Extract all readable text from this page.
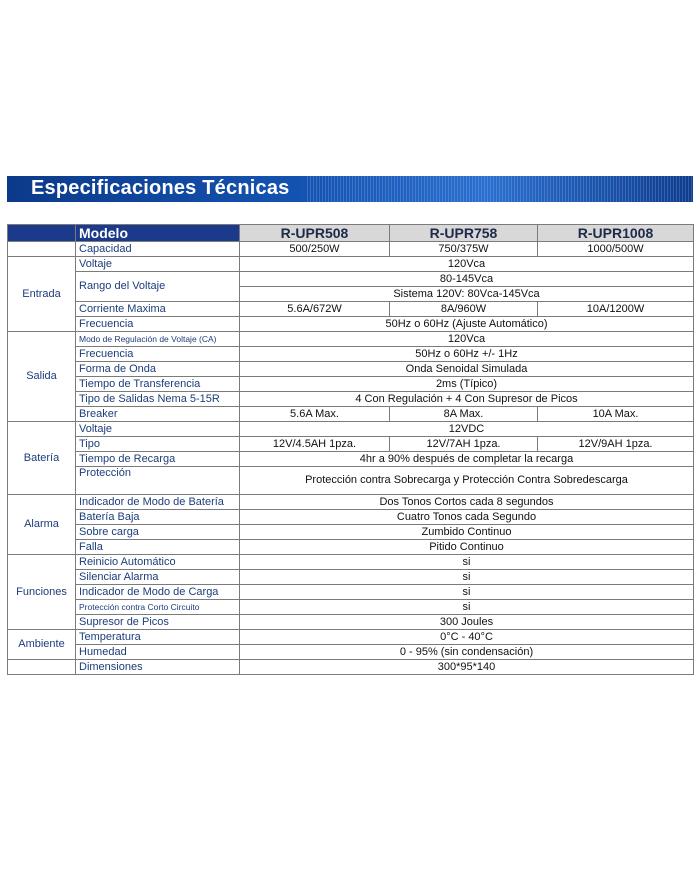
Especificaciones Técnicas
	Modelo	R-UPR508	R-UPR758	R-UPR1008
	Capacidad	500/250W	750/375W	1000/500W
Entrada	Voltaje	120Vca		
	Rango del Voltaje	80-145Vca		
		Sistema 120V: 80Vca-145Vca		
	Corriente Maxima	5.6A/672W	8A/960W	10A/1200W

	Frecuencia	50Hz o 60Hz (Ajuste Automático)		
Salida	Modo de Regulación de Voltaje (CA)	120Vca		
	Frecuencia	50Hz o 60Hz +/- 1Hz		
	Forma de Onda	Onda Senoidal Simulada		
	Tiempo de Transferencia	2ms (Típico)		
	Tipo de Salidas Nema 5-15R	4 Con Regulación + 4 Con Supresor de Picos		
	Breaker	5.6A Max.	8A Max.	10A Max.
Batería	Voltaje	12VDC		
	Tipo	12V/4.5AH 1pza.	12V/7AH 1pza.	12V/9AH 1pza.
	Tiempo de Recarga	4hr a 90% después de completar la recarga		
	Protección	Protección contra Sobrecarga y Protección Contra Sobredescarga		

Alarma	Indicador de Modo de Batería	Dos Tonos Cortos cada 8 segundos		
	Batería Baja	Cuatro Tonos cada Segundo		
	Sobre carga	Zumbido Continuo		
	Falla	Pitido Continuo		
Funciones	Reinicio Automático	si		
	Silenciar Alarma	si		
	Indicador de Modo de Carga	si		
	Protección contra Corto Circuito	si		
	Supresor de Picos	300 Joules		
Ambiente	Temperatura	0°C - 40°C		
	Humedad	0 - 95% (sin condensación)		
	Dimensiones	300*95*140		
